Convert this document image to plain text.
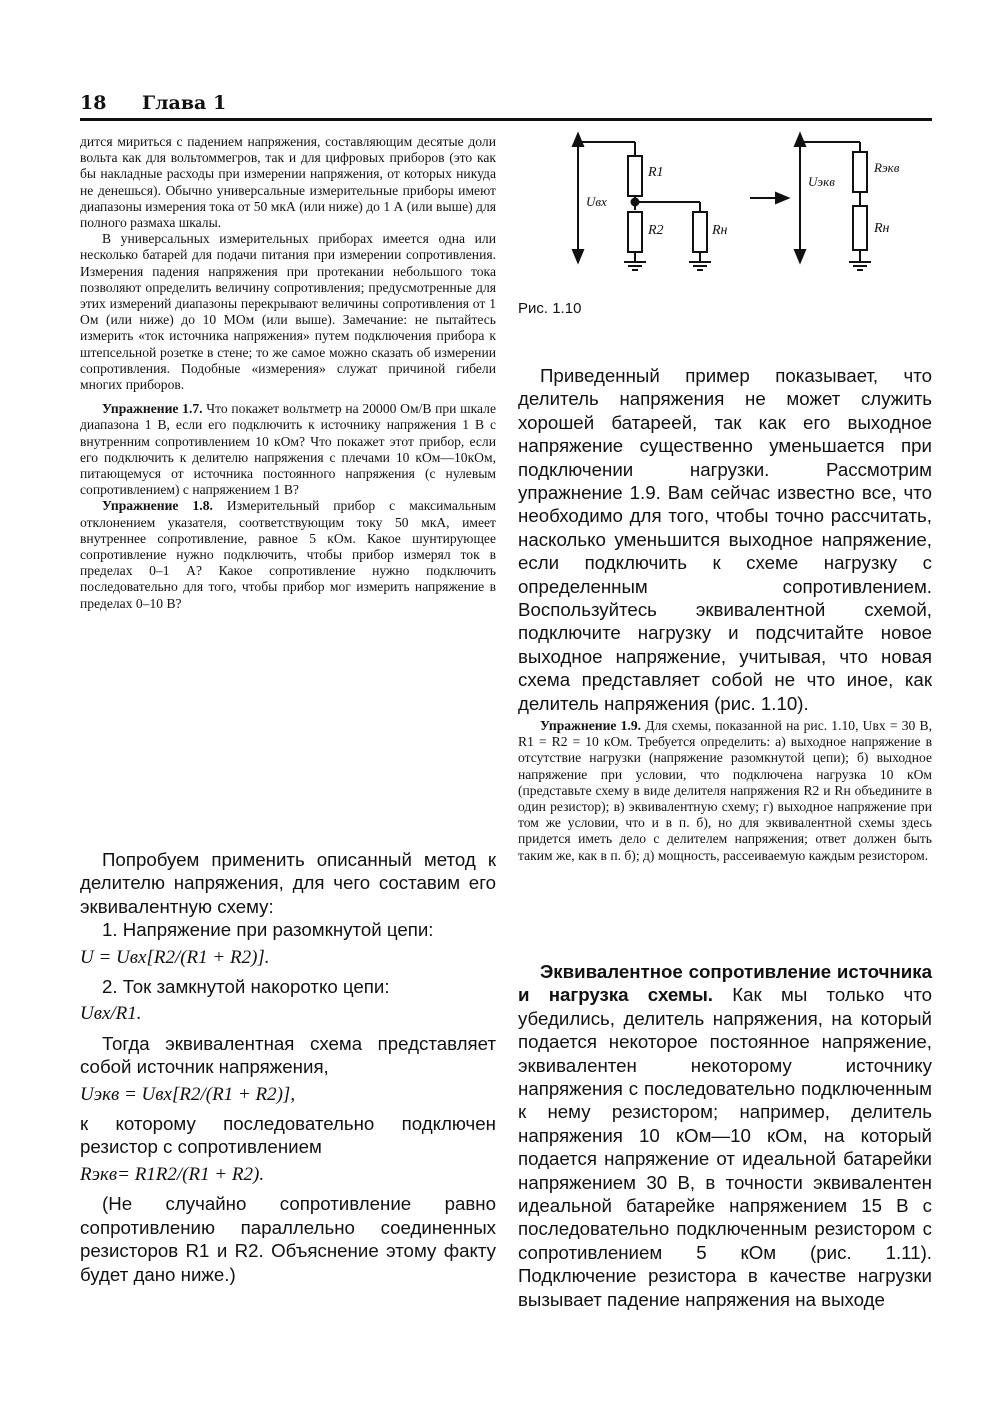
18 Глава 1
Uвх
R1
R2	Rн
Uэкв
Rэкв
Rн
Рис. 1.10

дится мириться с падением напряжения, составляющим десятые доли вольта как для вольтоммегров, так и для цифровых приборов (это как бы накладные расходы при измерении напряжения, от которых никуда не денешься). Обычно универсальные измерительные приборы имеют диапазоны измерения тока от 50 мкА (или ниже) до 1 А (или выше) для полного размаха шкалы.

В универсальных измерительных приборах имеется одна или несколько батарей для подачи питания при измерении сопротивления. Измерения падения напряжения при протекании небольшого тока позволяют определить величину сопротивления; предусмотренные для этих измерений диапазоны перекрывают величины сопротивления от 1 Ом (или ниже) до 10 МОм (или выше). Замечание: не пытайтесь измерить «ток источника напряжения» путем подключения прибора к штепсельной розетке в стене; то же самое можно сказать об измерении сопротивления. Подобные «измерения» служат причиной гибели многих приборов.

Упражнение 1.7. Что покажет вольтметр на 20000 Ом/В при шкале диапазона 1 В, если его подключить к источнику напряжения 1 В с внутренним сопротивлением 10 кОм? Что покажет этот прибор, если его подключить к делителю напряжения с плечами 10 кОм—10кОм, питающемуся от источника постоянного напряжения (с нулевым сопротивлением) с напряжением 1 В?

Упражнение 1.8. Измерительный прибор с максимальным отклонением указателя, соответствующим току 50 мкА, имеет внутреннее сопротивление, равное 5 кОм. Какое шунтирующее сопротивление нужно подключить, чтобы прибор измерял ток в пределах 0–1 А? Какое сопротивление нужно подключить последовательно для того, чтобы прибор мог измерить напряжение в пределах 0–10 В?

Попробуем применить описанный метод к делителю напряжения, для чего составим его эквивалентную схему:

1. Напряжение при разомкнутой цепи:

U = Uвх[R2/(R1 + R2)].

2. Ток замкнутой накоротко цепи:

Uвх/R1.

Тогда эквивалентная схема представляет собой источник напряжения,

Uэкв = Uвх[R2/(R1 + R2)],

к которому последовательно подключен резистор с сопротивлением

Rэкв= R1R2/(R1 + R2).

(Не случайно сопротивление равно сопротивлению параллельно соединенных резисторов R1 и R2. Объяснение этому факту будет дано ниже.)

Приведенный пример показывает, что делитель напряжения не может служить хорошей батареей, так как его выходное напряжение существенно уменьшается при подключении нагрузки. Рассмотрим упражнение 1.9. Вам сейчас известно все, что необходимо для того, чтобы точно рассчитать, насколько уменьшится выходное напряжение, если подключить к схеме нагрузку с определенным сопротивлением. Воспользуйтесь эквивалентной схемой, подключите нагрузку и подсчитайте новое выходное напряжение, учитывая, что новая схема представляет собой не что иное, как делитель напряжения (рис. 1.10).

Упражнение 1.9. Для схемы, показанной на рис. 1.10, Uвх = 30 В, R1 = R2 = 10 кОм. Требуется определить: а) выходное напряжение в отсутствие нагрузки (напряжение разомкнутой цепи); б) выходное напряжение при условии, что подключена нагрузка 10 кОм (представьте схему в виде делителя напряжения R2 и Rн объедините в один резистор); в) эквивалентную схему; г) выходное напряжение при том же условии, что и в п. б), но для эквивалентной схемы здесь придется иметь дело с делителем напряжения; ответ должен быть таким же, как в п. б); д) мощность, рассеиваемую каждым резистором.

Эквивалентное сопротивление источника и нагрузка схемы. Как мы только что убедились, делитель напряжения, на который подается некоторое постоянное напряжение, эквивалентен некоторому источнику напряжения с последовательно подключенным к нему резистором; например, делитель напряжения 10 кОм—10 кОм, на который подается напряжение от идеальной батарейки напряжением 30 В, в точности эквивалентен идеальной батарейке напряжением 15 В с последовательно подключенным резистором с сопротивлением 5 кОм (рис. 1.11). Подключение резистора в качестве нагрузки вызывает падение напряжения на выходе
